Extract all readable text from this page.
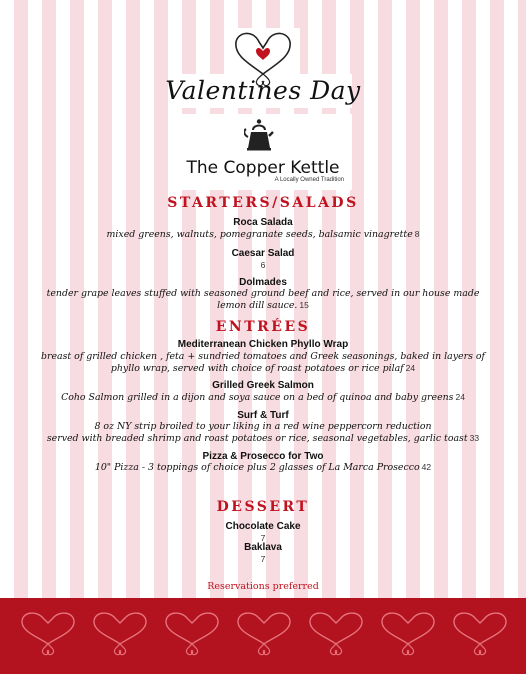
Valentines Day
The Copper Kettle
A Locally Owned Tradition
STARTERS/SALADS
Roca Salada
mixed greens, walnuts, pomegranate seeds, balsamic vinagrette 8
Caesar Salad
6
Dolmades
tender grape leaves stuffed with seasoned ground beef and rice, served in our house made
lemon dill sauce. 15
ENTRÉES
Mediterranean Chicken Phyllo Wrap
breast of grilled chicken , feta + sundried tomatoes and Greek seasonings, baked in layers of
phyllo wrap, served with choice of roast potatoes or rice pilaf 24
Grilled Greek Salmon
Coho Salmon grilled in a dijon and soya sauce on a bed of quinoa and baby greens 24
Surf & Turf
8 oz NY strip broiled to your liking in a red wine peppercorn reduction
served with breaded shrimp and roast potatoes or rice, seasonal vegetables, garlic toast 33
Pizza & Prosecco for Two
10" Pizza - 3 toppings of choice plus 2 glasses of La Marca Prosecco 42
DESSERT
Chocolate Cake
7
Baklava
7
Reservations preferred
